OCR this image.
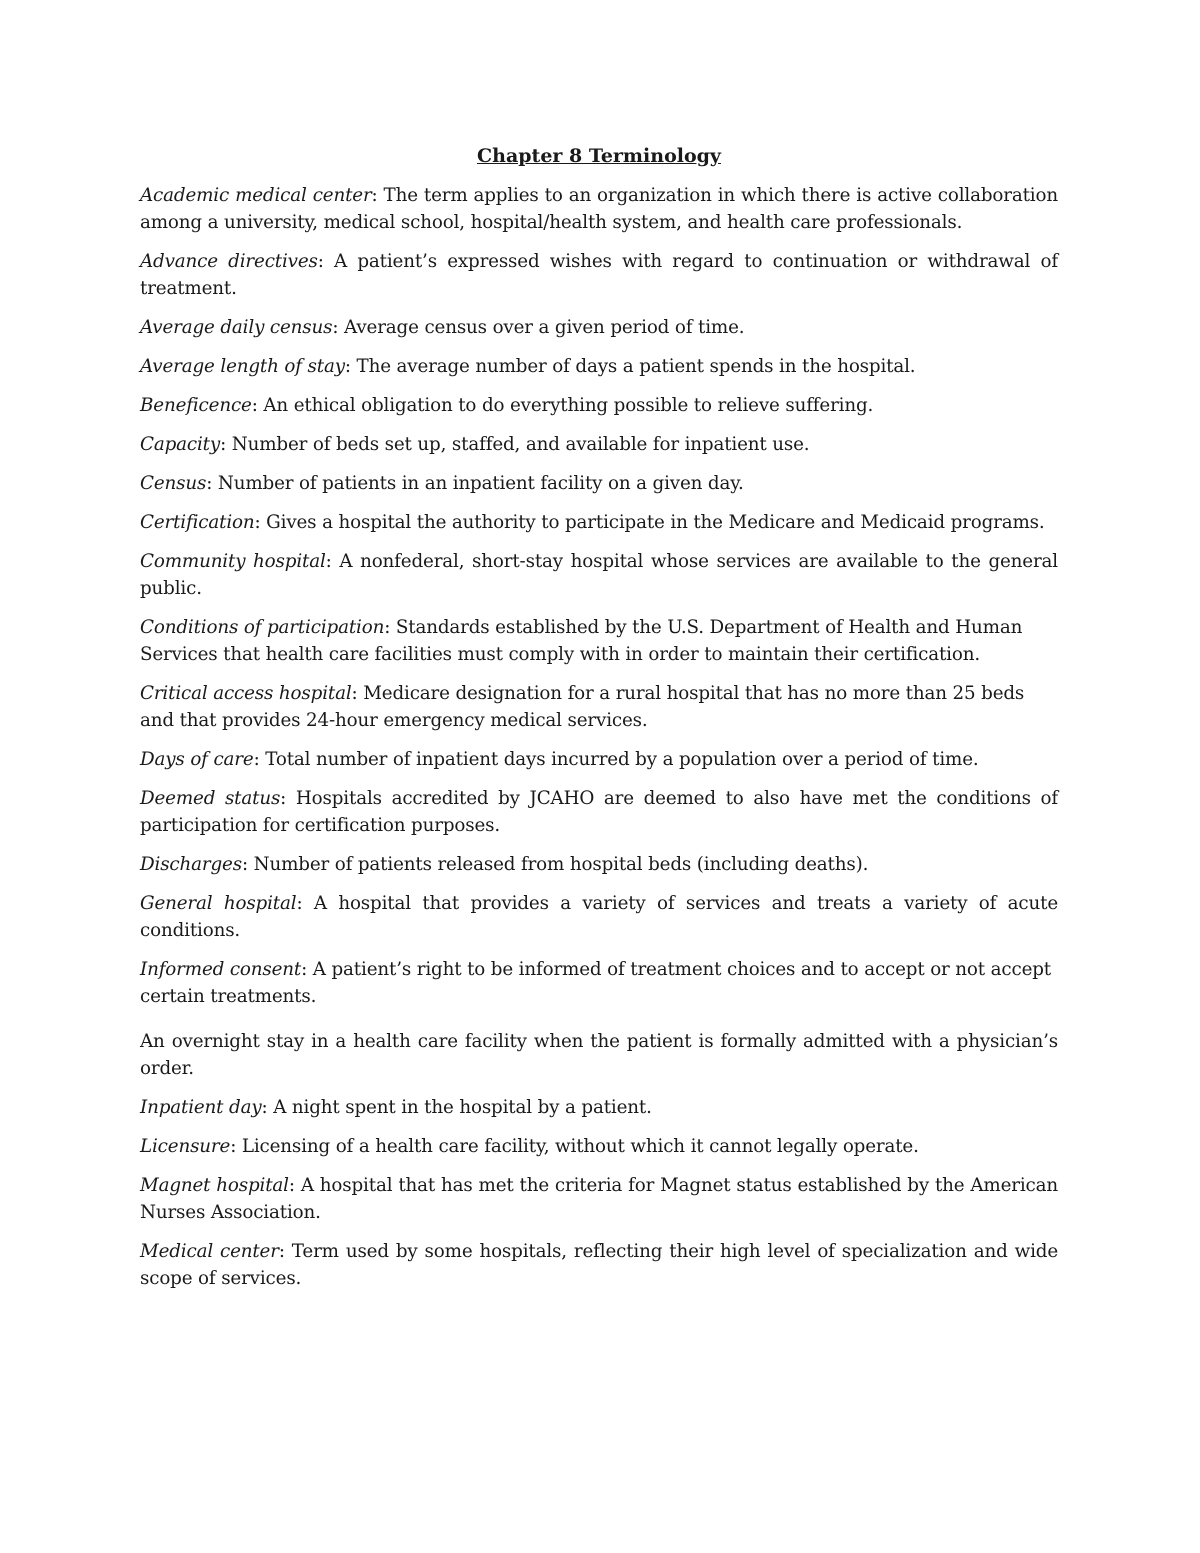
Chapter 8 Terminology

Academic medical center: The term applies to an organization in which there is active collaboration among a university, medical school, hospital/health system, and health care professionals.

Advance directives: A patient’s expressed wishes with regard to continuation or withdrawal of treatment.

Average daily census: Average census over a given period of time.

Average length of stay: The average number of days a patient spends in the hospital.

Beneficence: An ethical obligation to do everything possible to relieve suffering.

Capacity: Number of beds set up, staffed, and available for inpatient use.

Census: Number of patients in an inpatient facility on a given day.

Certification: Gives a hospital the authority to participate in the Medicare and Medicaid programs.

Community hospital: A nonfederal, short-stay hospital whose services are available to the general public.

Conditions of participation: Standards established by the U.S. Department of Health and Human Services that health care facilities must comply with in order to maintain their certification.

Critical access hospital: Medicare designation for a rural hospital that has no more than 25 beds and that provides 24-hour emergency medical services.

Days of care: Total number of inpatient days incurred by a population over a period of time.

Deemed status: Hospitals accredited by JCAHO are deemed to also have met the conditions of participation for certification purposes.

Discharges: Number of patients released from hospital beds (including deaths).

General hospital: A hospital that provides a variety of services and treats a variety of acute conditions.

Informed consent: A patient’s right to be informed of treatment choices and to accept or not accept certain treatments.

An overnight stay in a health care facility when the patient is formally admitted with a physician’s order.

Inpatient day: A night spent in the hospital by a patient.

Licensure: Licensing of a health care facility, without which it cannot legally operate.

Magnet hospital: A hospital that has met the criteria for Magnet status established by the American Nurses Association.

Medical center: Term used by some hospitals, reflecting their high level of specialization and wide scope of services.
